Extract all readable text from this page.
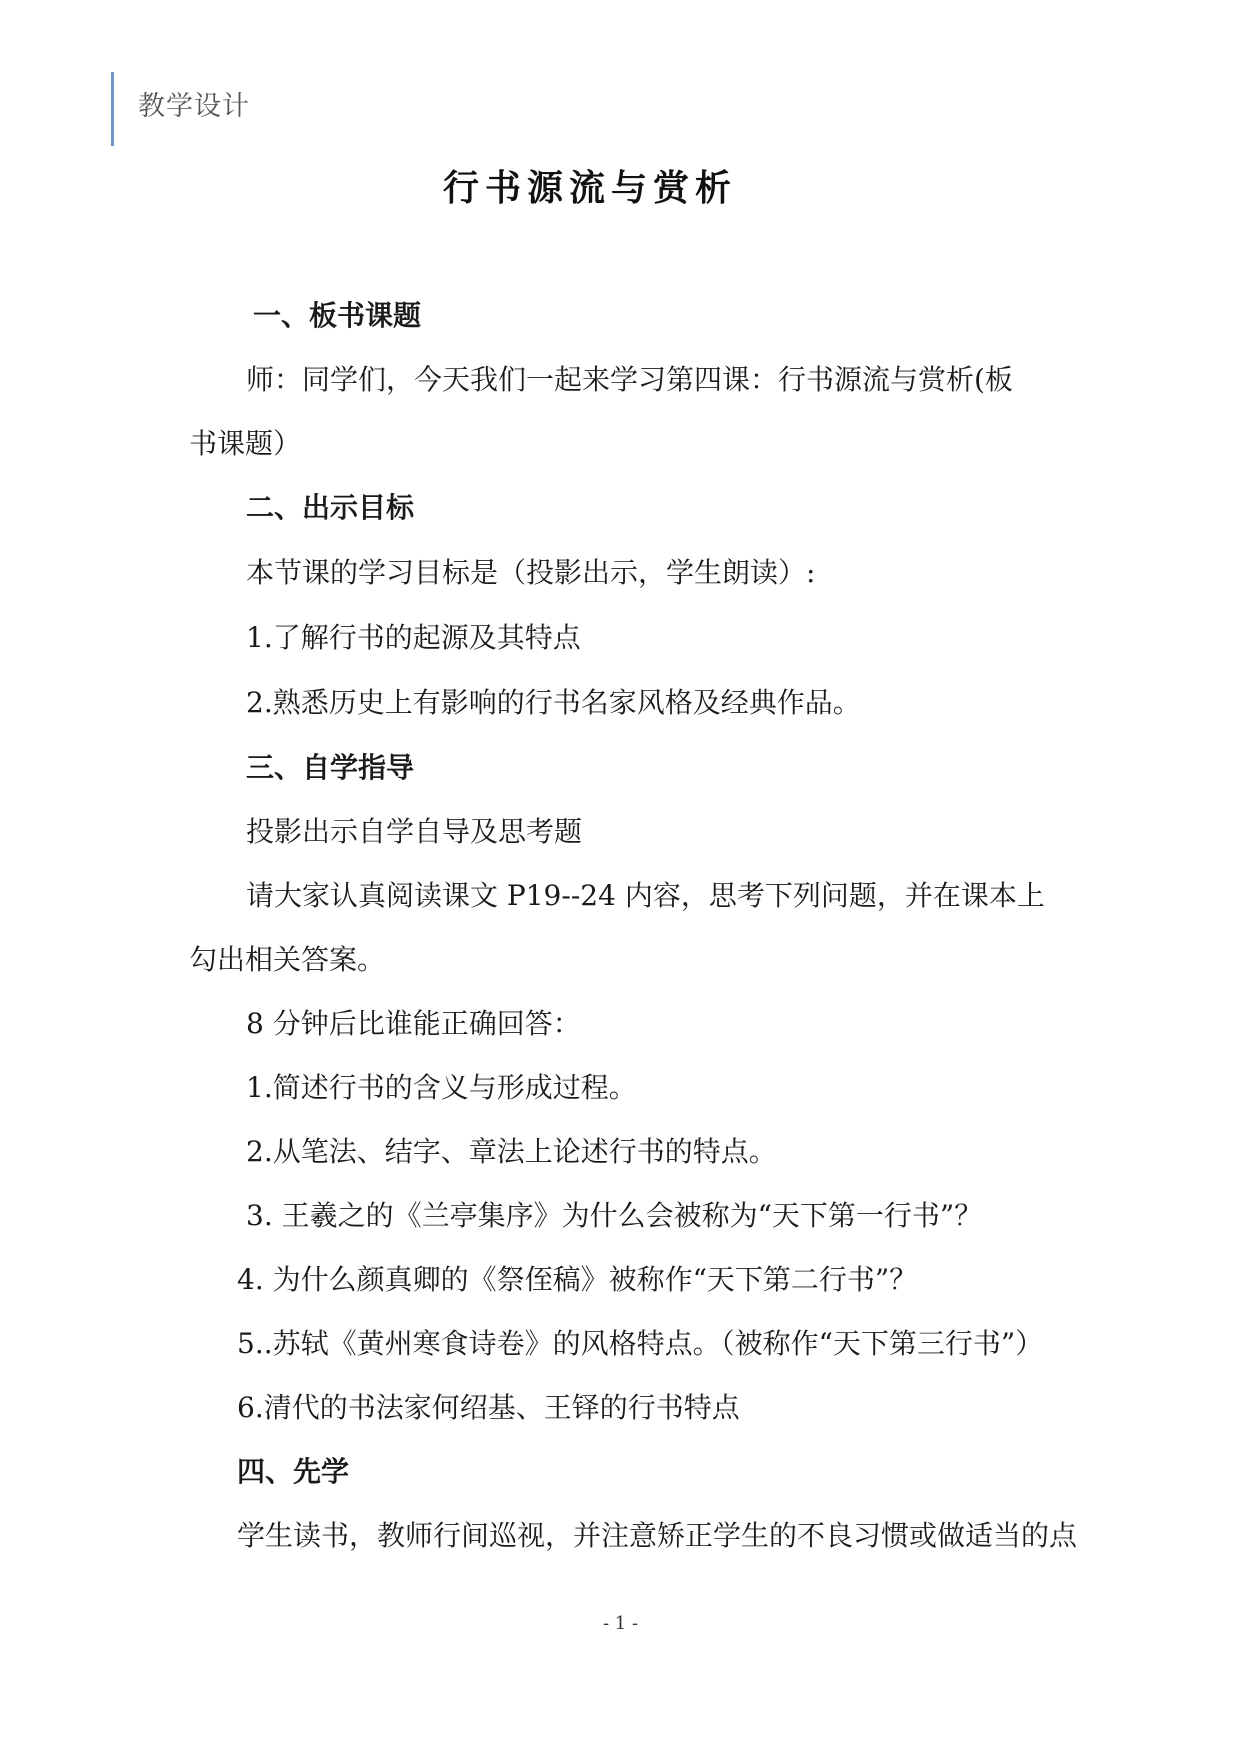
教学设计
行书源流与赏析
一、板书课题
师：同学们，今天我们一起来学习第四课：行书源流与赏析(板
书课题）
二、出示目标
本节课的学习目标是（投影出示，学生朗读）:
1.了解行书的起源及其特点
2.熟悉历史上有影响的行书名家风格及经典作品。
三、自学指导
投影出示自学自导及思考题
请大家认真阅读课文 P19--24 内容，思考下列问题，并在课本上
勾出相关答案。
8 分钟后比谁能正确回答：
1.简述行书的含义与形成过程。
2.从笔法、结字、章法上论述行书的特点。
3. 王羲之的《兰亭集序》为什么会被称为“天下第一行书”？
4. 为什么颜真卿的《祭侄稿》被称作“天下第二行书”？
5..苏轼《黄州寒食诗卷》的风格特点。（被称作“天下第三行书”）
6.清代的书法家何绍基、王铎的行书特点
四、先学
学生读书，教师行间巡视，并注意矫正学生的不良习惯或做适当的点
- 1 -
